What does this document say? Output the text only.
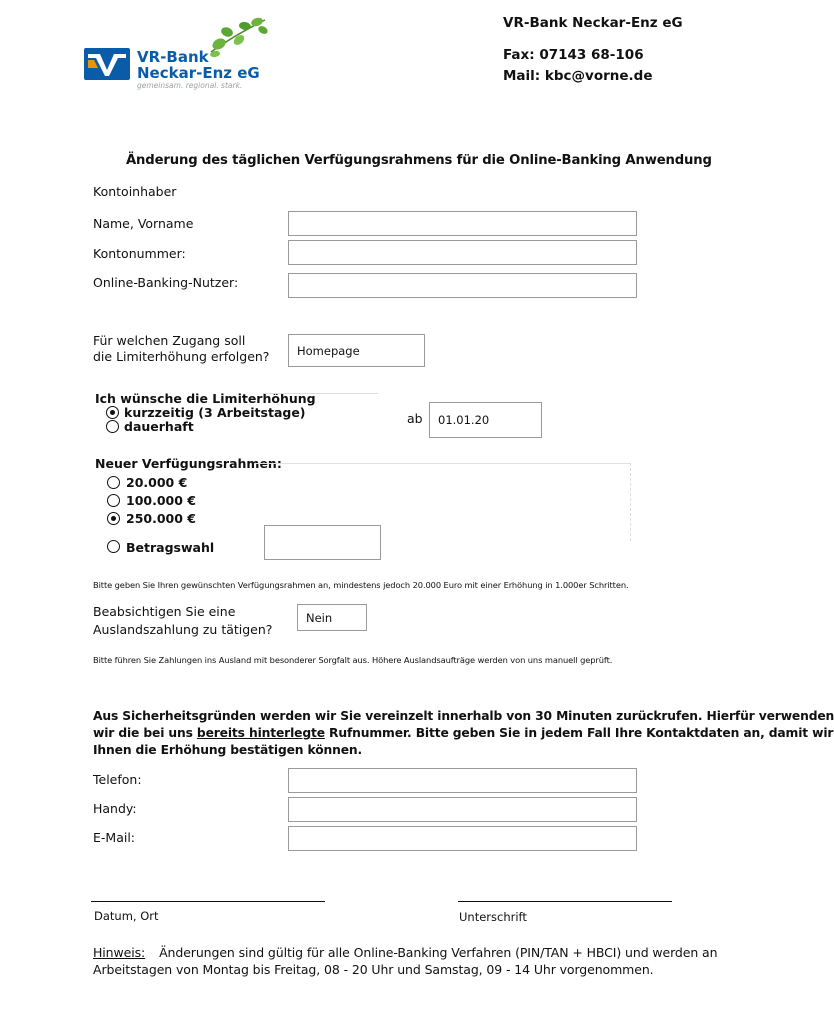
VR-Bank
Neckar-Enz eG
gemeinsam. regional. stark.
VR-Bank Neckar-Enz eG
Fax: 07143 68-106
Mail: kbc@vorne.de
Änderung des täglichen Verfügungsrahmens für die Online-Banking Anwendung
Kontoinhaber
Name, Vorname
Kontonummer:
Online-Banking-Nutzer:
Für welchen Zugang soll
die Limiterhöhung erfolgen?	Homepage
Ich wünsche die Limiterhöhung
kurzzeitig (3 Arbeitstage)
dauerhaft
ab	01.01.20
Neuer Verfügungsrahmen:
20.000 €
100.000 €
250.000 €
Betragswahl
Bitte geben Sie Ihren gewünschten Verfügungsrahmen an, mindestens jedoch 20.000 Euro mit einer Erhöhung in 1.000er Schritten.
Beabsichtigen Sie eine
Auslandszahlung zu tätigen?
Nein
Bitte führen Sie Zahlungen ins Ausland mit besonderer Sorgfalt aus. Höhere Auslandsaufträge werden von uns manuell geprüft.
Aus Sicherheitsgründen werden wir Sie vereinzelt innerhalb von 30 Minuten zurückrufen. Hierfür verwenden
wir die bei uns bereits hinterlegte Rufnummer. Bitte geben Sie in jedem Fall Ihre Kontaktdaten an, damit wir
Ihnen die Erhöhung bestätigen können.
Telefon:
Handy:
E-Mail:
Datum, Ort	Unterschrift
Hinweis: Änderungen sind gültig für alle Online-Banking Verfahren (PIN/TAN + HBCI) und werden an
Arbeitstagen von Montag bis Freitag, 08 - 20 Uhr und Samstag, 09 - 14 Uhr vorgenommen.
